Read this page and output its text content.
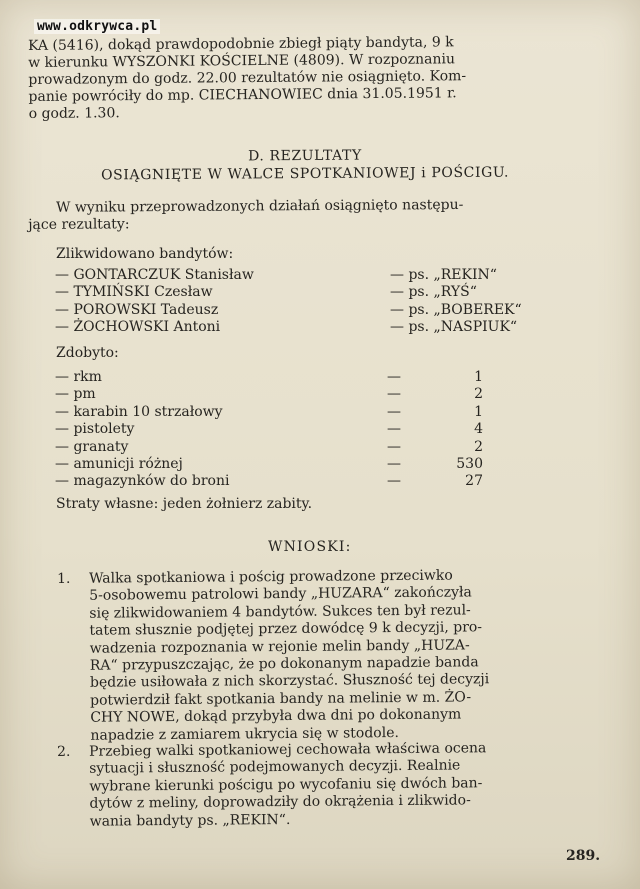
www.odkrywca.pl
KA (5416), dokąd prawdopodobnie zbiegł piąty bandyta, 9 k
w kierunku WYSZONKI KOŚCIELNE (4809). W rozpoznaniu
prowadzonym do godz. 22.00 rezultatów nie osiągnięto. Kom-
panie powróciły do mp. CIECHANOWIEC dnia 31.05.1951 r.
o godz. 1.30.
D. REZULTATY
OSIĄGNIĘTE W WALCE SPOTKANIOWEJ i POŚCIGU.
W wyniku przeprowadzonych działań osiągnięto następu-
jące rezultaty:
Zlikwidowano bandytów:
— GONTARCZUK Stanisław	— ps. „REKIN“
— TYMIŃSKI Czesław	— ps. „RYŚ“
— POROWSKI Tadeusz	— ps. „BOBEREK“
— ŻOCHOWSKI Antoni	— ps. „NASPIUK“
Zdobyto:
— rkm	—	1
— pm	—	2
— karabin 10 strzałowy	—	1
— pistolety	—	4
— granaty	—	2
— amunicji różnej	—	530
— magazynków do broni	—	27
Straty własne: jeden żołnierz zabity.
WNIOSKI:
1. Walka spotkaniowa i pościg prowadzone przeciwko
5-osobowemu patrolowi bandy „HUZARA“ zakończyła
się zlikwidowaniem 4 bandytów. Sukces ten był rezul-
tatem słusznie podjętej przez dowódcę 9 k decyzji, pro-
wadzenia rozpoznania w rejonie melin bandy „HUZA-
RA“ przypuszczając, że po dokonanym napadzie banda
będzie usiłowała z nich skorzystać. Słuszność tej decyzji
potwierdził fakt spotkania bandy na melinie w m. ŻO-
CHY NOWE, dokąd przybyła dwa dni po dokonanym
napadzie z zamiarem ukrycia się w stodole.
2. Przebieg walki spotkaniowej cechowała właściwa ocena
sytuacji i słuszność podejmowanych decyzji. Realnie
wybrane kierunki pościgu po wycofaniu się dwóch ban-
dytów z meliny, doprowadziły do okrążenia i zlikwido-
wania bandyty ps. „REKIN“.
289.
